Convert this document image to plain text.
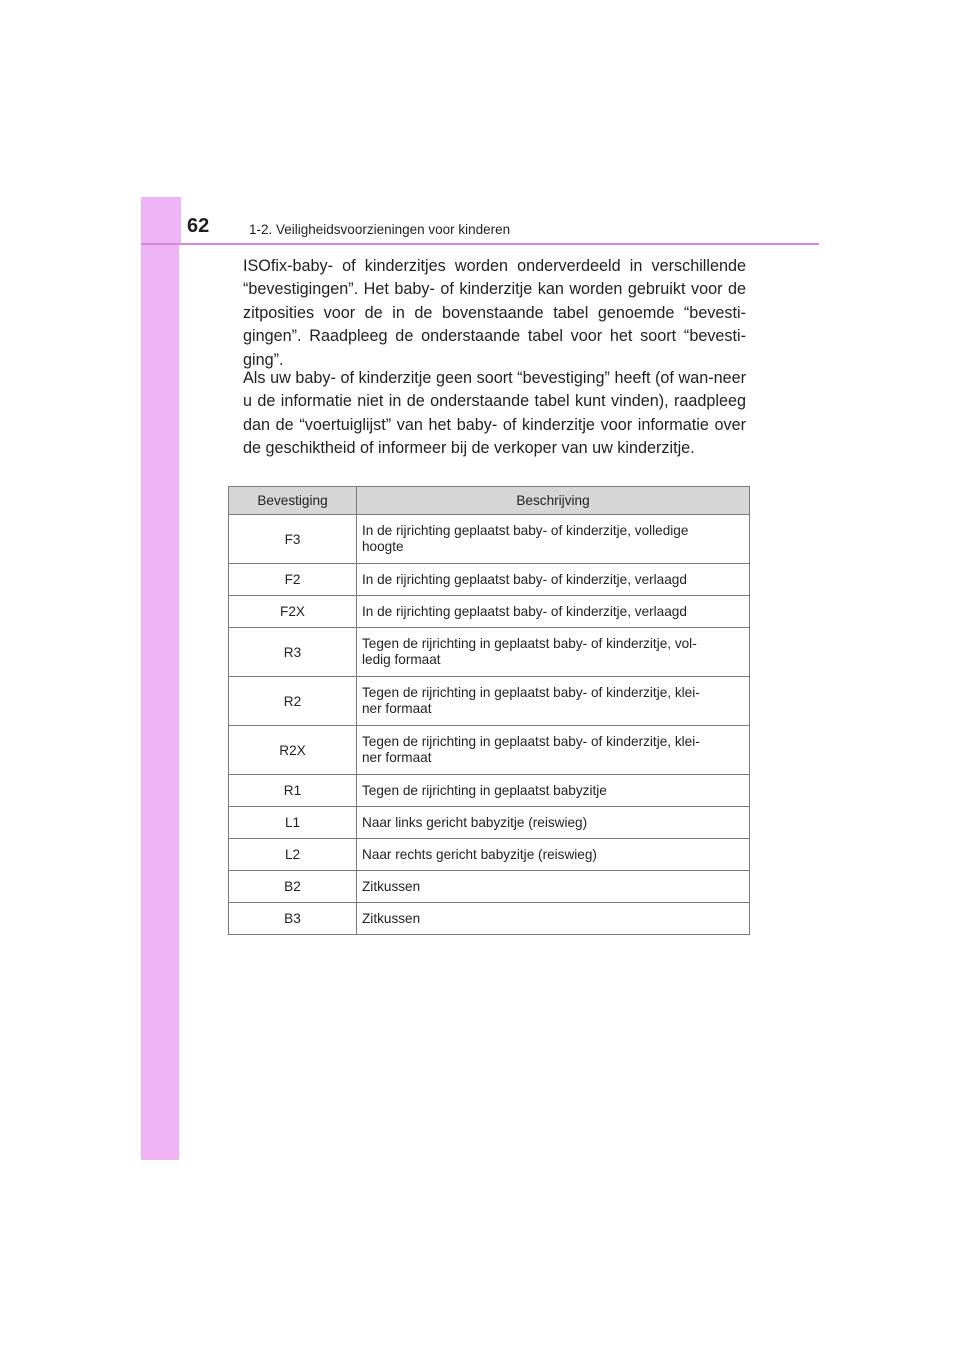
62	1-2. Veiligheidsvoorzieningen voor kinderen

ISOfix-baby- of kinderzitjes worden onderverdeeld in verschillende “bevestigingen”. Het baby- of kinderzitje kan worden gebruikt voor de zitposities voor de in de bovenstaande tabel genoemde “bevesti-gingen”. Raadpleeg de onderstaande tabel voor het soort “bevesti-ging”.

Als uw baby- of kinderzitje geen soort “bevestiging” heeft (of wan-neer u de informatie niet in de onderstaande tabel kunt vinden), raadpleeg dan de “voertuiglijst” van het baby- of kinderzitje voor informatie over de geschiktheid of informeer bij de verkoper van uw kinderzitje.

Bevestiging	Beschrijving
F3	In de rijrichting geplaatst baby- of kinderzitje, volledige
hoogte
F2	In de rijrichting geplaatst baby- of kinderzitje, verlaagd
F2X	In de rijrichting geplaatst baby- of kinderzitje, verlaagd
R3	Tegen de rijrichting in geplaatst baby- of kinderzitje, vol-
ledig formaat
R2	Tegen de rijrichting in geplaatst baby- of kinderzitje, klei-
ner formaat
R2X	Tegen de rijrichting in geplaatst baby- of kinderzitje, klei-
ner formaat
R1	Tegen de rijrichting in geplaatst babyzitje
L1	Naar links gericht babyzitje (reiswieg)
L2	Naar rechts gericht babyzitje (reiswieg)
B2	Zitkussen
B3	Zitkussen
